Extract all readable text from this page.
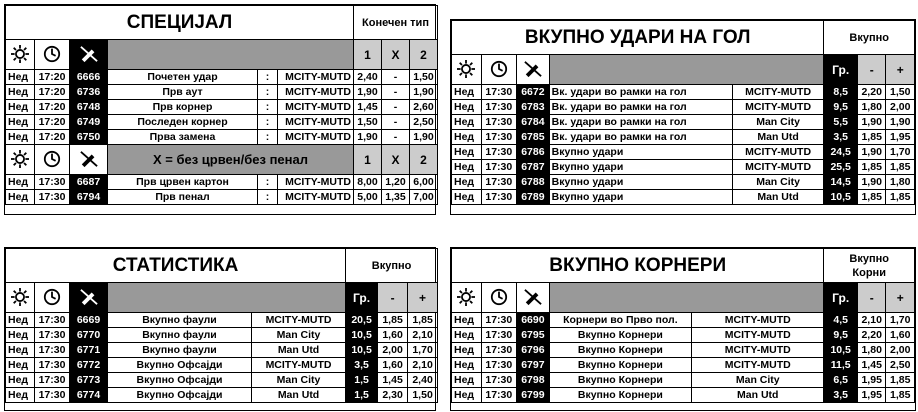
СПЕЦИЈАЛ						Конечен тип		
				1	X	2
Нед	17:20	6666	Почетен удар	:	MCITY-MUTD	2,40	-	1,50
Нед	17:20	6736	Прв аут	:	MCITY-MUTD	1,90	-	1,90
Нед	17:20	6748	Прв корнер	:	MCITY-MUTD	1,45	-	2,60
Нед	17:20	6749	Последен корнер	:	MCITY-MUTD	1,50	-	2,50
Нед	17:20	6750	Прва замена	:	MCITY-MUTD	1,90	-	1,90
			X = без црвен/без пенал			1	X	2
Нед	17:30	6687	Прв црвен картон	:	MCITY-MUTD	8,00	1,20	6,00
Нед	17:30	6794	Прв пенал	:	MCITY-MUTD	5,00	1,35	7,00
ВКУПНО УДАРИ НА ГОЛ					Вкупно		
				Гр.	-	+
Нед	17:30	6672	Вк. удари во рамки на гол	MCITY-MUTD	8,5	2,20	1,50
Нед	17:30	6783	Вк. удари во рамки на гол	MCITY-MUTD	9,5	1,80	2,00
Нед	17:30	6784	Вк. удари во рамки на гол	Man City	5,5	1,90	1,90
Нед	17:30	6785	Вк. удари во рамки на гол	Man Utd	3,5	1,85	1,95
Нед	17:30	6786	Вкупно удари	MCITY-MUTD	24,5	1,90	1,70
Нед	17:30	6787	Вкупно удари	MCITY-MUTD	25,5	1,85	1,85
Нед	17:30	6788	Вкупно удари	Man City	14,5	1,90	1,80
Нед	17:30	6789	Вкупно удари	Man Utd	10,5	1,85	1,85
СТАТИСТИКА					Вкупно		
				Гр.	-	+
Нед	17:30	6669	Вкупно фаули	MCITY-MUTD	20,5	1,85	1,85
Нед	17:30	6770	Вкупно фаули	Man City	10,5	1,60	2,10
Нед	17:30	6771	Вкупно фаули	Man Utd	10,5	2,00	1,70
Нед	17:30	6772	Вкупно Офсајди	MCITY-MUTD	3,5	1,60	2,10
Нед	17:30	6773	Вкупно Офсајди	Man City	1,5	1,45	2,40
Нед	17:30	6774	Вкупно Офсајди	Man Utd	1,5	2,30	1,50
ВКУПНО КОРНЕРИ					Вкупно
Корни		

				Гр.	-	+
Нед	17:30	6690	Корнери во Прво пол.	MCITY-MUTD	4,5	2,10	1,70
Нед	17:30	6795	Вкупно Корнери	MCITY-MUTD	9,5	2,20	1,60
Нед	17:30	6796	Вкупно Корнери	MCITY-MUTD	10,5	1,80	2,00
Нед	17:30	6797	Вкупно Корнери	MCITY-MUTD	11,5	1,45	2,50
Нед	17:30	6798	Вкупно Корнери	Man City	6,5	1,95	1,85
Нед	17:30	6799	Вкупно Корнери	Man Utd	3,5	1,95	1,85
